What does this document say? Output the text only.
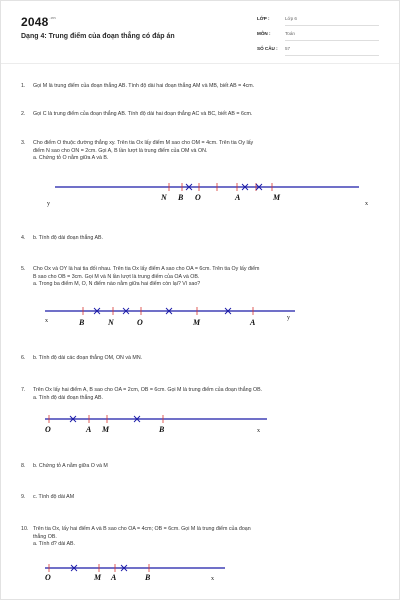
$2048^{.vn}$
Dạng 4: Trung điểm của đoạn thẳng có đáp án
LỚP :	Lớp 6
MÔN :	Toán
SỐ CÂU : 57
1. Gọi M là trung điểm của đoạn thẳng AB. Tính độ dài hai đoạn thẳng AM và MB, biết AB = 4cm.

2. Gọi C là trung điểm của đoạn thẳng AB. Tính độ dài hai đoạn thẳng AC và BC, biết AB = 6cm.

3. Cho điểm O thuộc đường thẳng xy. Trên tia Ox lấy điểm M sao cho OM = 4cm. Trên tia Oy lấy

điểm N sao cho ON = 2cm. Gọi A, B lần lượt là trung điểm của OM và ON.

a. Chứng tỏ O nằm giữa A và B.

y	x
N B O	A	M
4. b. Tính độ dài đoạn thẳng AB.

5. Cho Ox và OY là hai tia đối nhau. Trên tia Ox lấy điểm A sao cho OA = 6cm. Trên tia Oy lấy điểm

B sao cho OB = 3cm. Gọi M và N lần lượt là trung điểm của OA và OB.

a. Trong ba điểm M, O, N điểm nào nằm giữa hai điểm còn lại? Vì sao?

x	y
B	N	O	M	A
6. b. Tính độ dài các đoạn thẳng OM, ON và MN.

7. Trên Ox lấy hai điểm A, B sao cho OA = 2cm, OB = 6cm. Gọi M là trung điểm của đoạn thẳng OB.

a. Tính độ dài đoạn thẳng AB.

x
O	A M	B
8. b. Chứng tỏ A nằm giữa O và M

9. c. Tính độ dài AM

10. Trên tia Ox, lấy hai điểm A và B sao cho OA = 4cm; OB = 6cm. Gọi M là trung điểm của đoạn

thẳng OB.

a. Tính đ? dài AB.

x
O	M A	B
